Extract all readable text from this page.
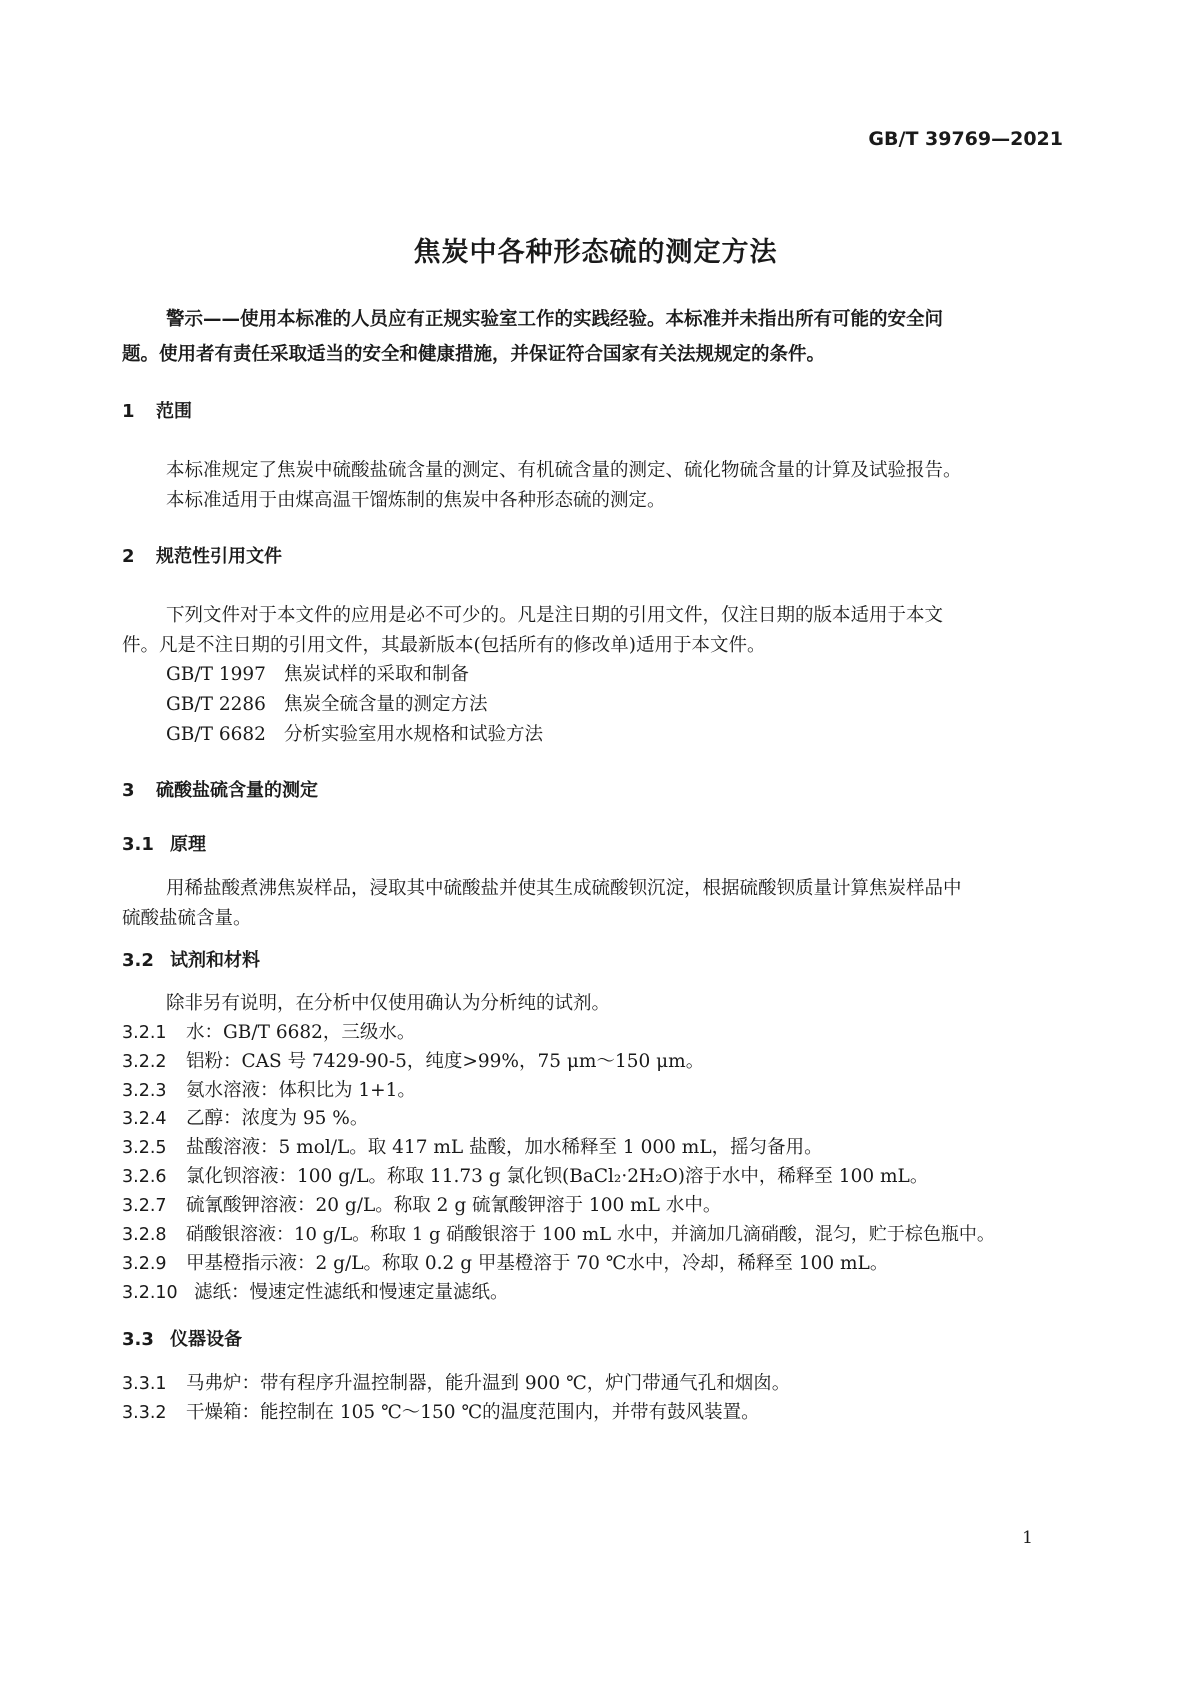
GB/T 39769—2021
焦炭中各种形态硫的测定方法
警示——使用本标准的人员应有正规实验室工作的实践经验。本标准并未指出所有可能的安全问
题。使用者有责任采取适当的安全和健康措施，并保证符合国家有关法规规定的条件。
1 范围
本标准规定了焦炭中硫酸盐硫含量的测定、有机硫含量的测定、硫化物硫含量的计算及试验报告。
本标准适用于由煤高温干馏炼制的焦炭中各种形态硫的测定。
2 规范性引用文件
下列文件对于本文件的应用是必不可少的。凡是注日期的引用文件，仅注日期的版本适用于本文
件。凡是不注日期的引用文件，其最新版本(包括所有的修改单)适用于本文件。
GB/T 1997 焦炭试样的采取和制备
GB/T 2286 焦炭全硫含量的测定方法
GB/T 6682 分析实验室用水规格和试验方法
3 硫酸盐硫含量的测定
3.1 原理
用稀盐酸煮沸焦炭样品，浸取其中硫酸盐并使其生成硫酸钡沉淀，根据硫酸钡质量计算焦炭样品中
硫酸盐硫含量。
3.2 试剂和材料
除非另有说明，在分析中仅使用确认为分析纯的试剂。
3.2.1 水：GB/T 6682，三级水。
3.2.2 铝粉：CAS 号 7429-90-5，纯度>99%，75 μm～150 μm。
3.2.3 氨水溶液：体积比为 1+1。
3.2.4 乙醇：浓度为 95 %。
3.2.5 盐酸溶液：5 mol/L。取 417 mL 盐酸，加水稀释至 1 000 mL，摇匀备用。
3.2.6 氯化钡溶液：100 g/L。称取 11.73 g 氯化钡(BaCl₂·2H₂O)溶于水中，稀释至 100 mL。
3.2.7 硫氰酸钾溶液：20 g/L。称取 2 g 硫氰酸钾溶于 100 mL 水中。
3.2.8 硝酸银溶液：10 g/L。称取 1 g 硝酸银溶于 100 mL 水中，并滴加几滴硝酸，混匀，贮于棕色瓶中。
3.2.9 甲基橙指示液：2 g/L。称取 0.2 g 甲基橙溶于 70 ℃水中，冷却，稀释至 100 mL。
3.2.10 滤纸：慢速定性滤纸和慢速定量滤纸。
3.3 仪器设备
3.3.1 马弗炉：带有程序升温控制器，能升温到 900 ℃，炉门带通气孔和烟囱。
3.3.2 干燥箱：能控制在 105 ℃～150 ℃的温度范围内，并带有鼓风装置。
1
